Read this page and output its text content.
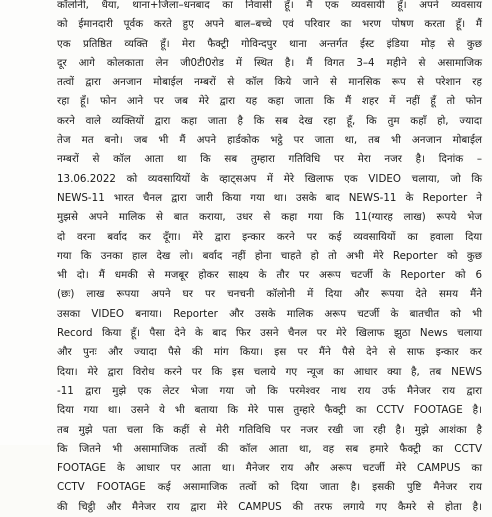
कॉलोनी, धैया, थाना+जिला–धनबाद का निवासी हूँ। मैं एक व्यवसायी हूँ। अपने व्यवसाय
को ईमानदारी पूर्वक करते हुए अपने बाल–बच्चे एवं परिवार का भरण पोषण करता हूँ। मैं
एक प्रतिष्ठित व्यक्ति हूँ। मेरा फैक्ट्री गोविन्दपुर थाना अन्तर्गत ईस्ट इंडिया मोड़ से कुछ
दूर आगे कोलकाता लेन जी0टी0रोड में स्थित है। मैं विगत 3–4 महीने से असामाजिक
तत्वों द्वारा अनजान मोबाईल नम्बरों से कॉल किये जाने से मानसिक रूप से परेशान रह
रहा हूँ। फोन आने पर जब मेरे द्वारा यह कहा जाता कि मैं शहर में नहीं हूँ तो फोन
करने वाले व्यक्तियों द्वारा कहा जाता है कि सब देख रहा हूँ, कि तुम कहाँ हो, ज्यादा
तेज मत बनो। जब भी मैं अपने हार्डकोक भट्ठे पर जाता था, तब भी अनजान मोबाईल
नम्बरों से कॉल आता था कि सब तुम्हारा गतिविधि पर मेरा नजर है। दिनांक –
13.06.2022 को व्यवसायियों के व्हाट्सअप में मेरे खिलाफ एक VIDEO चलाया, जो कि
NEWS-11 भारत चैनल द्वारा जारी किया गया था। उसके बाद NEWS-11 के Reporter ने
मुझसे अपने मालिक से बात कराया, उधर से कहा गया कि 11(ग्यारह लाख) रूपये भेज
दो वरना बर्वाद कर दूँगा। मेरे द्वारा इन्कार करने पर कई व्यवसायियों का हवाला दिया
गया कि उनका हाल देख लो। बर्वाद नहीं होना चाहते हो तो अभी मेरे Reporter को कुछ
भी दो। मैं धमकी से मजबूर होकर साक्ष्य के तौर पर अरूप चटर्जी के Reporter को 6
(छः) लाख रूपया अपने घर पर चनचनी कॉलोनी में दिया और रूपया देते समय मैंने
उसका VIDEO बनाया। Reporter और उसके मालिक अरूप चटर्जी के बातचीत को भी
Record किया हूँ। पैसा देने के बाद फिर उसने चैनल पर मेरे खिलाफ झुठा News चलाया
और पुनः और ज्यादा पैसे की मांग किया। इस पर मैंने पैसे देने से साफ इन्कार कर
दिया। मेरे द्वारा विरोध करने पर कि इस चलाये गए न्यूज का आधार क्या है, तब NEWS
-11 द्वारा मुझे एक लेटर भेजा गया जो कि परमेश्वर नाथ राय उर्फ मैनेजर राय द्वारा
दिया गया था। उसने ये भी बताया कि मेरे पास तुम्हारे फैक्ट्री का CCTV FOOTAGE है।
तब मुझे पता चला कि कहीं से मेरी गतिविधि पर नजर रखी जा रही है। मुझे आशंका है
कि जितने भी असामाजिक तत्वों की कॉल आता था, वह सब हमारे फैक्ट्री का CCTV
FOOTAGE के आधार पर आता था। मैनेजर राय और अरूप चटर्जी मेरे CAMPUS का
CCTV FOOTAGE कई असामाजिक तत्वों को दिया जाता है। इसकी पुष्टि मैनेजर राय
की चिट्ठी और मैनेजर राय द्वारा मेरे CAMPUS की तरफ लगाये गए कैमरे से होता है।
